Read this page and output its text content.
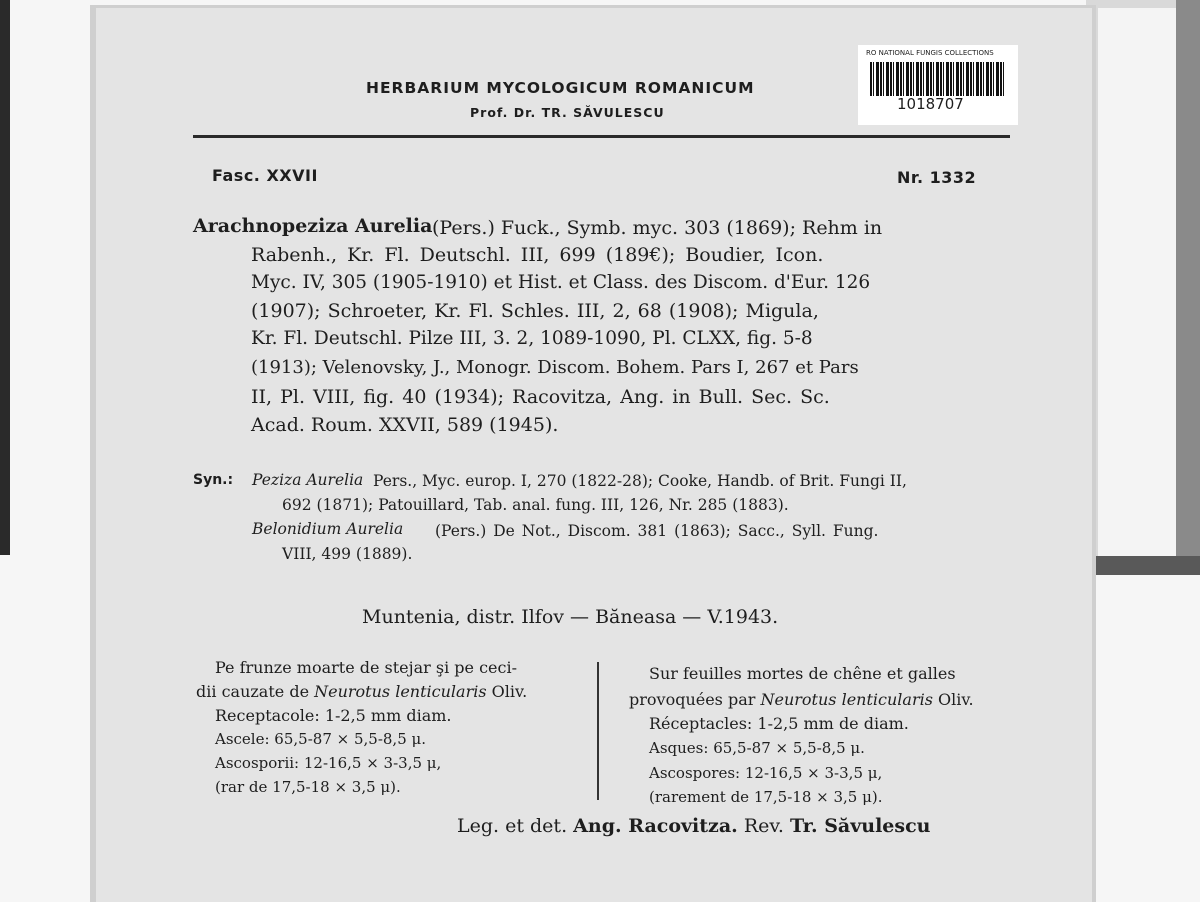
RO NATIONAL FUNGIS COLLECTIONS

1018707

HERBARIUM MYCOLOGICUM ROMANICUM

Prof. Dr. TR. SĂVULESCU

Fasc. XXVII	Nr. 1332

Arachnopeziza Aurelia (Pers.) Fuck., Symb. myc. 303 (1869); Rehm in

Rabenh., Kr. Fl. Deutschl. III, 699 (189€); Boudier, Icon.

Myc. IV, 305 (1905-1910) et Hist. et Class. des Discom. d'Eur. 126

(1907); Schroeter, Kr. Fl. Schles. III, 2, 68 (1908); Migula,

Kr. Fl. Deutschl. Pilze III, 3. 2, 1089-1090, Pl. CLXX, fig. 5-8

(1913); Velenovsky, J., Monogr. Discom. Bohem. Pars I, 267 et Pars

II, Pl. VIII, fig. 40 (1934); Racovitza, Ang. in Bull. Sec. Sc.

Acad. Roum. XXVII, 589 (1945).

Syn.: Peziza Aurelia Pers., Myc. europ. I, 270 (1822-28); Cooke, Handb. of Brit. Fungi II,

692 (1871); Patouillard, Tab. anal. fung. III, 126, Nr. 285 (1883).

Belonidium Aurelia (Pers.) De Not., Discom. 381 (1863); Sacc., Syll. Fung.

VIII, 499 (1889).

Muntenia, distr. Ilfov — Băneasa — V.1943.

Pe frunze moarte de stejar şi pe ceci-

dii cauzate de Neurotus lenticularis Oliv.

Receptacole: 1-2,5 mm diam.

Ascele: 65,5-87 × 5,5-8,5 μ.

Ascosporii: 12-16,5 × 3-3,5 μ,

(rar de 17,5-18 × 3,5 μ).

Sur feuilles mortes de chêne et galles

provoquées par Neurotus lenticularis Oliv.

Réceptacles: 1-2,5 mm de diam.

Asques: 65,5-87 × 5,5-8,5 μ.

Ascospores: 12-16,5 × 3-3,5 μ,

(rarement de 17,5-18 × 3,5 μ).

Leg. et det. Ang. Racovitza. Rev. Tr. Săvulescu
